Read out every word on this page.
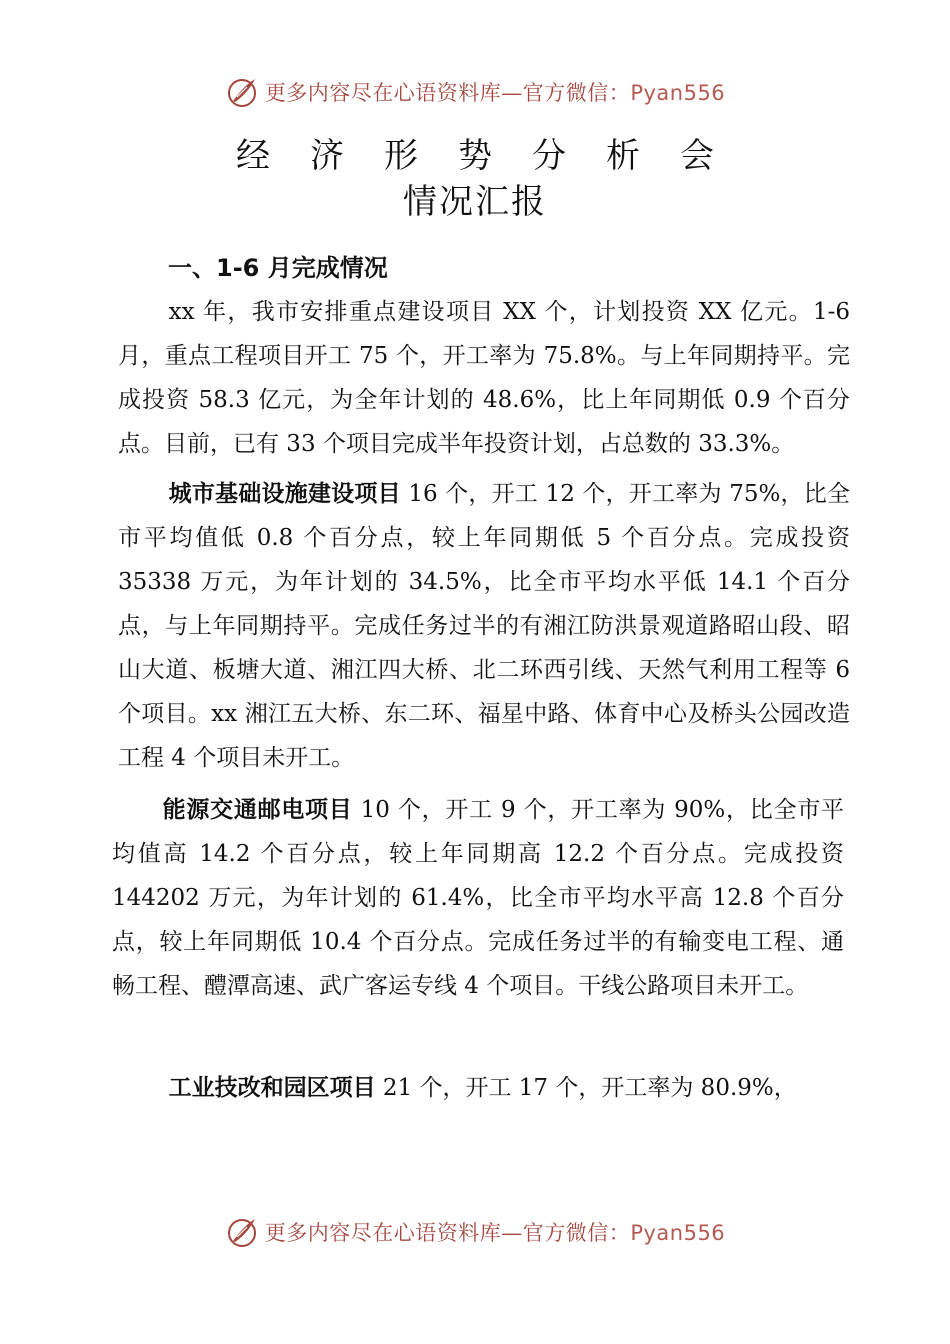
更多内容尽在心语资料库—官方微信：Pyan556
经济形势分析会
情况汇报
一、1-6 月完成情况
xx 年，我市安排重点建设项目 XX 个，计划投资 XX 亿元。1-6 月，重点工程项目开工 75 个，开工率为 75.8%。与上年同期持平。完成投资 58.3 亿元，为全年计划的 48.6%，比上年同期低 0.9 个百分点。目前，已有 33 个项目完成半年投资计划，占总数的 33.3%。
城市基础设施建设项目 16 个，开工 12 个，开工率为 75%，比全市平均值低 0.8 个百分点，较上年同期低 5 个百分点。完成投资 35338 万元，为年计划的 34.5%，比全市平均水平低 14.1 个百分点，与上年同期持平。完成任务过半的有湘江防洪景观道路昭山段、昭山大道、板塘大道、湘江四大桥、北二环西引线、天然气利用工程等 6 个项目。xx 湘江五大桥、东二环、福星中路、体育中心及桥头公园改造工程 4 个项目未开工。
能源交通邮电项目 10 个，开工 9 个，开工率为 90%，比全市平均值高 14.2 个百分点，较上年同期高 12.2 个百分点。完成投资 144202 万元，为年计划的 61.4%，比全市平均水平高 12.8 个百分点，较上年同期低 10.4 个百分点。完成任务过半的有输变电工程、通畅工程、醴潭高速、武广客运专线 4 个项目。干线公路项目未开工。
工业技改和园区项目 21 个，开工 17 个，开工率为 80.9%，
更多内容尽在心语资料库—官方微信：Pyan556
